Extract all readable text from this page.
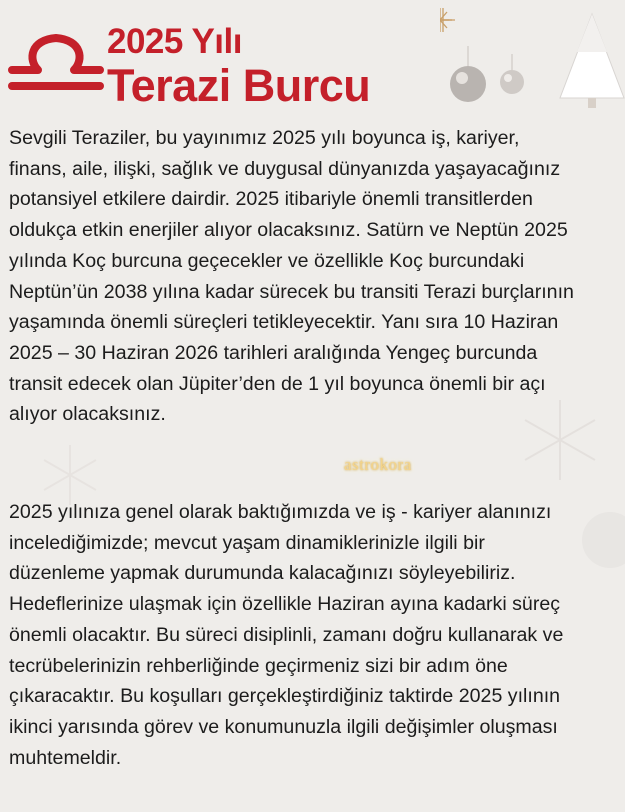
2025 Yılı
Terazi Burcu
Sevgili Teraziler, bu yayınımız 2025 yılı boyunca iş, kariyer,
finans, aile, ilişki, sağlık ve duygusal dünyanızda yaşayacağınız
potansiyel etkilere dairdir. 2025 itibariyle önemli transitlerden
oldukça etkin enerjiler alıyor olacaksınız. Satürn ve Neptün 2025
yılında Koç burcuna geçecekler ve özellikle Koç burcundaki
Neptün’ün 2038 yılına kadar sürecek bu transiti Terazi burçlarının
yaşamında önemli süreçleri tetikleyecektir. Yanı sıra 10 Haziran
2025 – 30 Haziran 2026 tarihleri aralığında Yengeç burcunda
transit edecek olan Jüpiter’den de 1 yıl boyunca önemli bir açı
alıyor olacaksınız.
astrokora
2025 yılınıza genel olarak baktığımızda ve iş - kariyer alanınızı
incelediğimizde; mevcut yaşam dinamiklerinizle ilgili bir
düzenleme yapmak durumunda kalacağınızı söyleyebiliriz.
Hedeflerinize ulaşmak için özellikle Haziran ayına kadarki süreç
önemli olacaktır. Bu süreci disiplinli, zamanı doğru kullanarak ve
tecrübelerinizin rehberliğinde geçirmeniz sizi bir adım öne
çıkaracaktır. Bu koşulları gerçekleştirdiğiniz taktirde 2025 yılının
ikinci yarısında görev ve konumunuzla ilgili değişimler oluşması
muhtemeldir.
